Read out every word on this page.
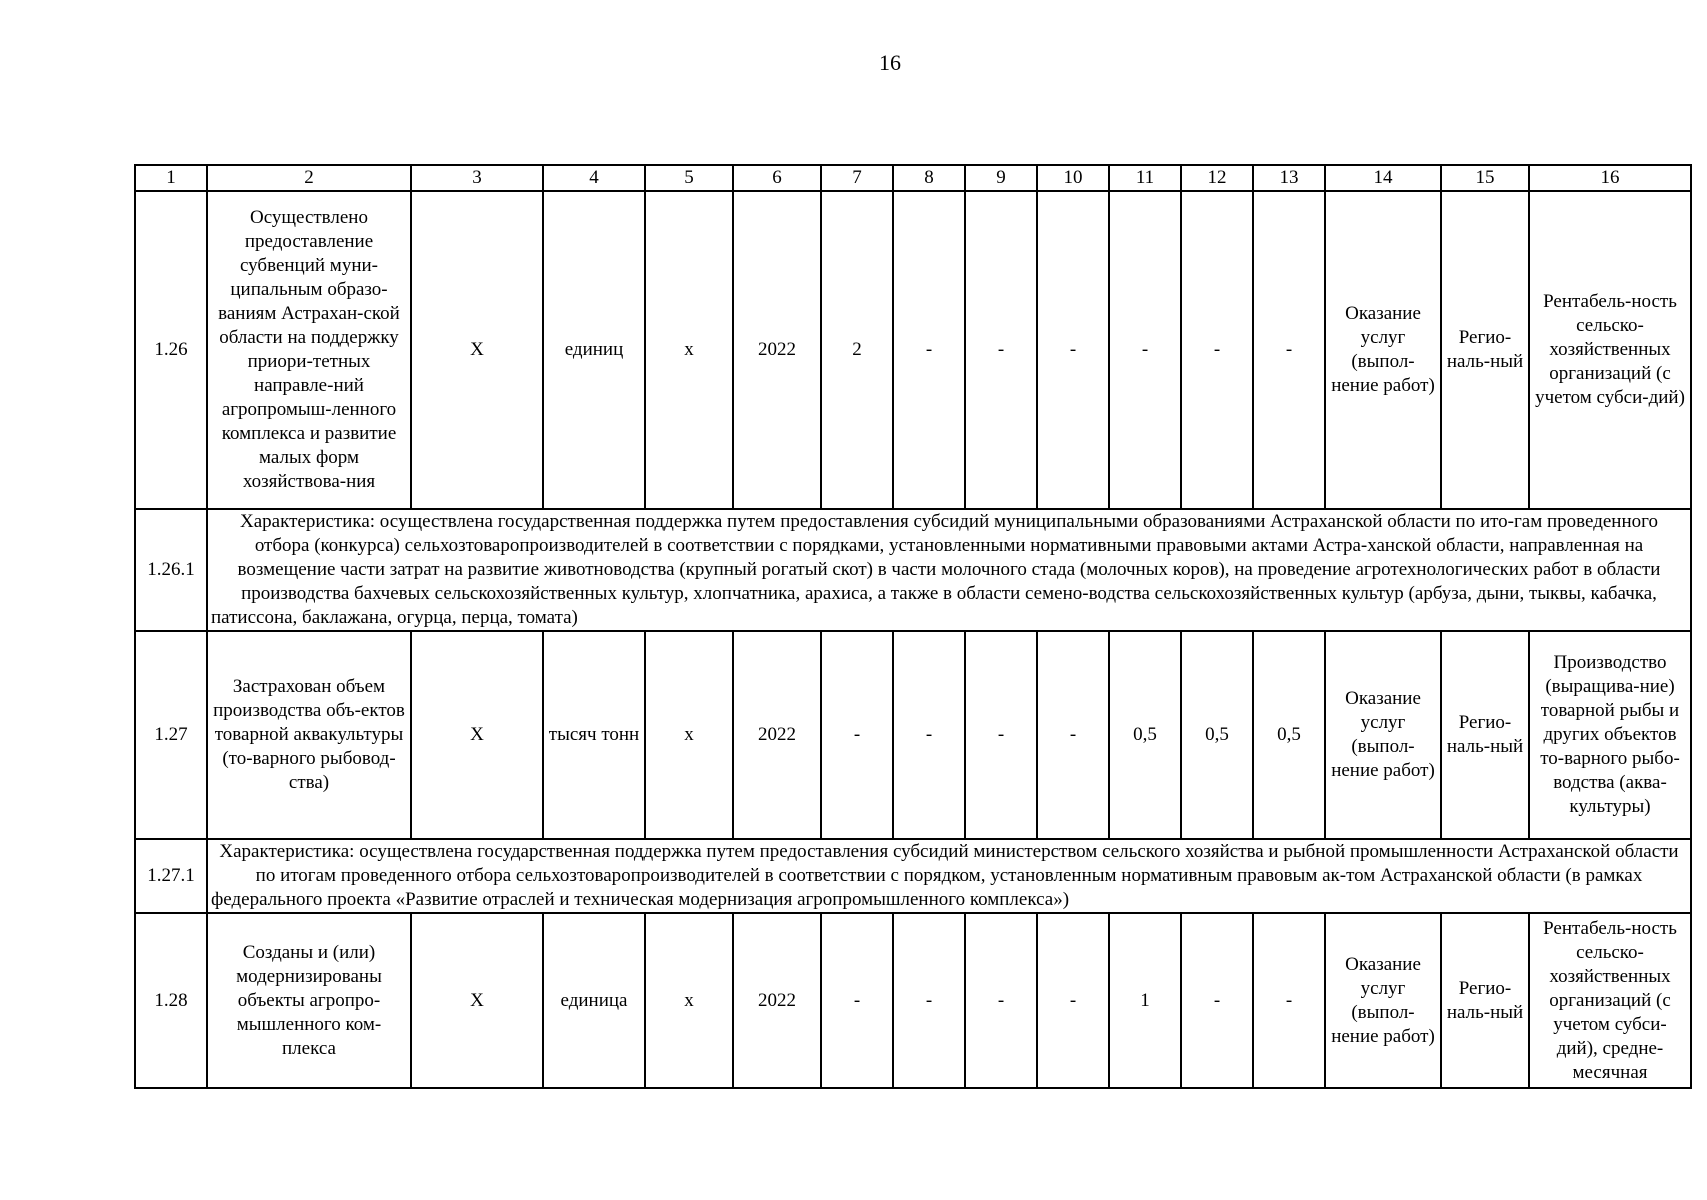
16
1	2	3	4	5	6	7	8	9	10	11	12	13	14	15	16
1.26	Осуществлено предоставление субвенций муни-ципальным образо-ваниям Астрахан-ской области на поддержку приори-тетных направле-ний агропромыш-ленного комплекса и развитие малых форм хозяйствова-ния	X	единиц	x	2022	2	-	-	-	-	-	-	Оказание услуг (выпол-нение работ)	Регио-наль-ный	Рентабель-ность сельско-хозяйственных организаций (с учетом субси-дий)
1.26.1	Характеристика: осуществлена государственная поддержка путем предоставления субсидий муниципальными образованиями Астраханской области по ито-гам проведенного отбора (конкурса) сельхозтоваропроизводителей в соответствии с порядками, установленными нормативными правовыми актами Астра-ханской области, направленная на возмещение части затрат на развитие животноводства (крупный рогатый скот) в части молочного стада (молочных коров), на проведение агротехнологических работ в области производства бахчевых сельскохозяйственных культур, хлопчатника, арахиса, а также в области семено-водства сельскохозяйственных культур (арбуза, дыни, тыквы, кабачка, патиссона, баклажана, огурца, перца, томата)														
1.27	Застрахован объем производства объ-ектов товарной аквакультуры (то-варного рыбовод-ства)	X	тысяч тонн	x	2022	-	-	-	-	0,5	0,5	0,5	Оказание услуг (выпол-нение работ)	Регио-наль-ный	Производство (выращива-ние) товарной рыбы и других объектов то-варного рыбо-водства (аква-культуры)
1.27.1	Характеристика: осуществлена государственная поддержка путем предоставления субсидий министерством сельского хозяйства и рыбной промышленности Астраханской области по итогам проведенного отбора сельхозтоваропроизводителей в соответствии с порядком, установленным нормативным правовым ак-том Астраханской области (в рамках федерального проекта «Развитие отраслей и техническая модернизация агропромышленного комплекса»)														
1.28	Созданы и (или) модернизированы объекты агропро-мышленного ком-плекса	X	единица	x	2022	-	-	-	-	1	-	-	Оказание услуг (выпол-нение работ)	Регио-наль-ный	Рентабель-ность сельско-хозяйственных организаций (с учетом субси-дий), средне-месячная
